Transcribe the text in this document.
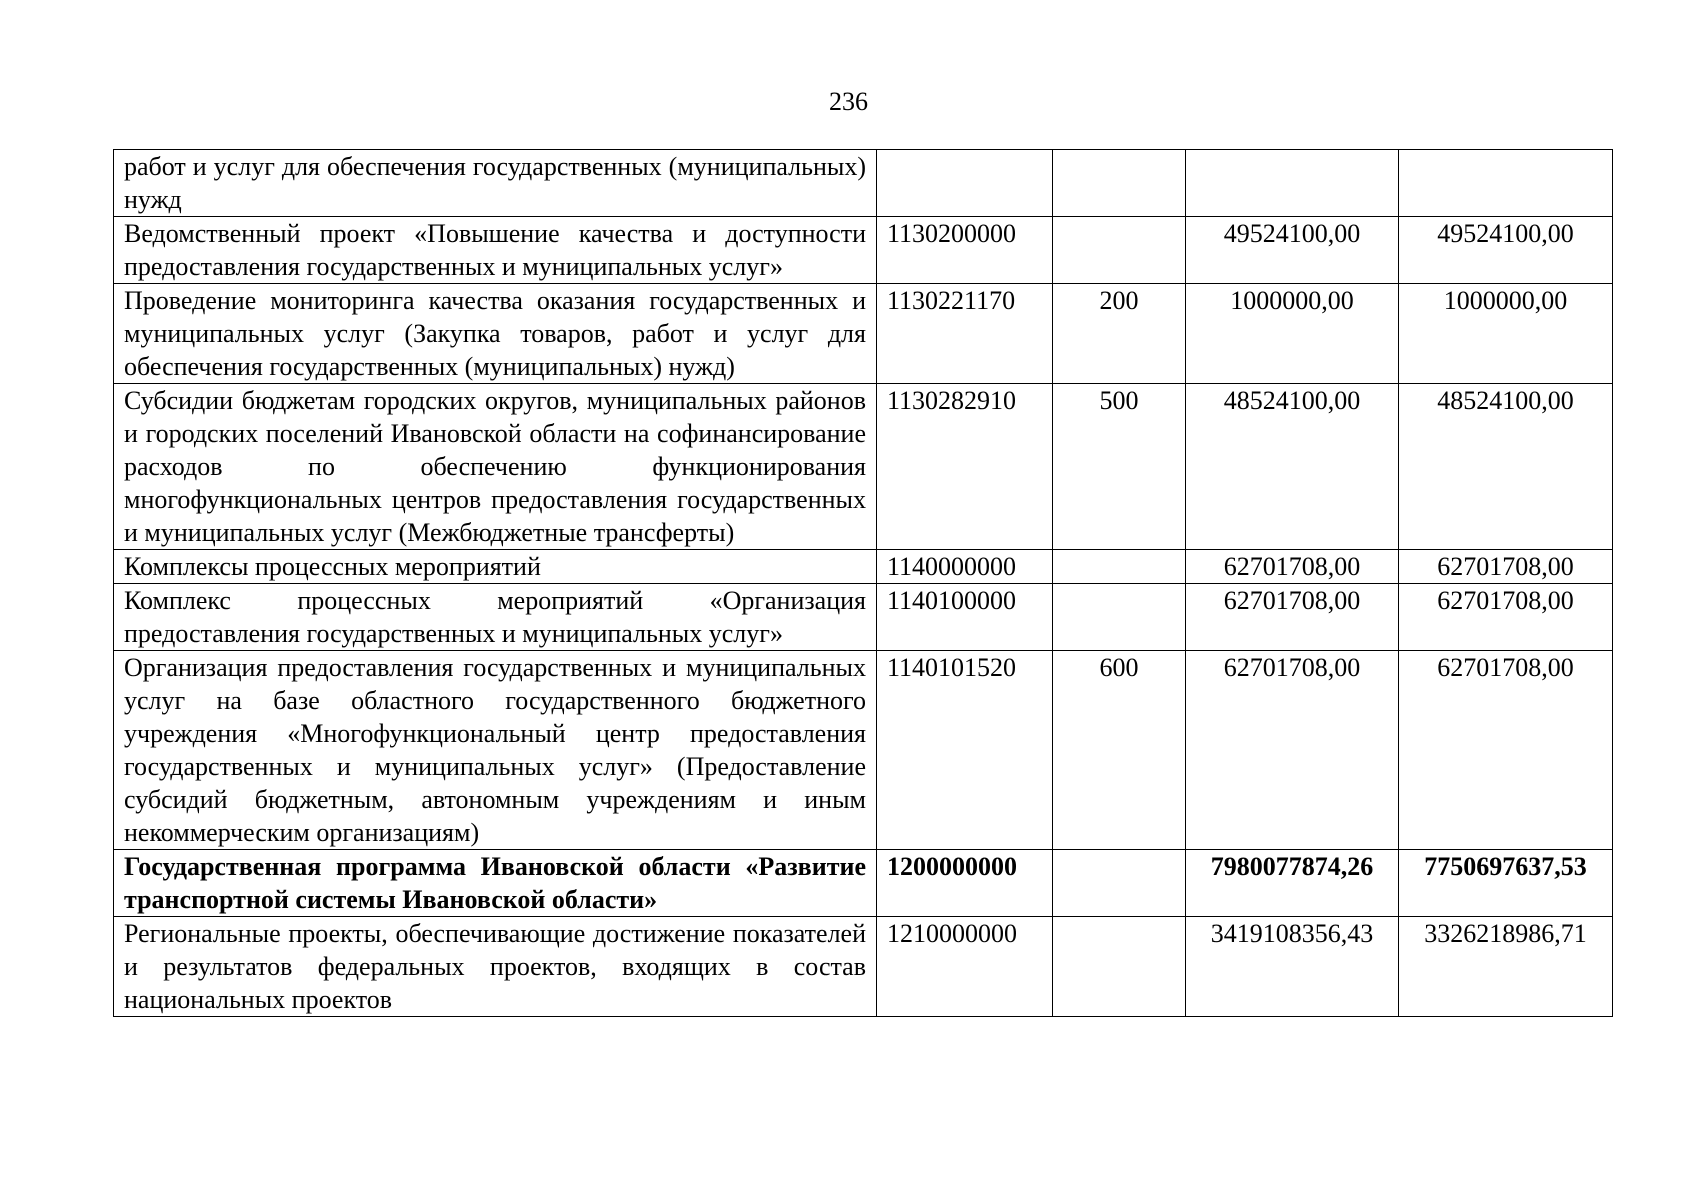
236
работ и услуг для обеспечения государственных (муниципальных) нужд				
Ведомственный проект «Повышение качества и доступности предоставления государственных и муниципальных услуг»	1130200000		49524100,00	49524100,00
Проведение мониторинга качества оказания государственных и муниципальных услуг (Закупка товаров, работ и услуг для обеспечения государственных (муниципальных) нужд)	1130221170	200	1000000,00	1000000,00
Субсидии бюджетам городских округов, муниципальных районов и городских поселений Ивановской области на софинансирование расходов по обеспечению функционирования многофункциональных центров предоставления государственных и муниципальных услуг (Межбюджетные трансферты)	1130282910	500	48524100,00	48524100,00
Комплексы процессных мероприятий	1140000000		62701708,00	62701708,00
Комплекс процессных мероприятий «Организация предоставления государственных и муниципальных услуг»	1140100000		62701708,00	62701708,00
Организация предоставления государственных и муниципальных услуг на базе областного государственного бюджетного учреждения «Многофункциональный центр предоставления государственных и муниципальных услуг» (Предоставление субсидий бюджетным, автономным учреждениям и иным некоммерческим организациям)	1140101520	600	62701708,00	62701708,00
Государственная программа Ивановской области «Развитие транспортной системы Ивановской области»	1200000000		7980077874,26	7750697637,53
Региональные проекты, обеспечивающие достижение показателей и результатов федеральных проектов, входящих в состав национальных проектов	1210000000		3419108356,43	3326218986,71
